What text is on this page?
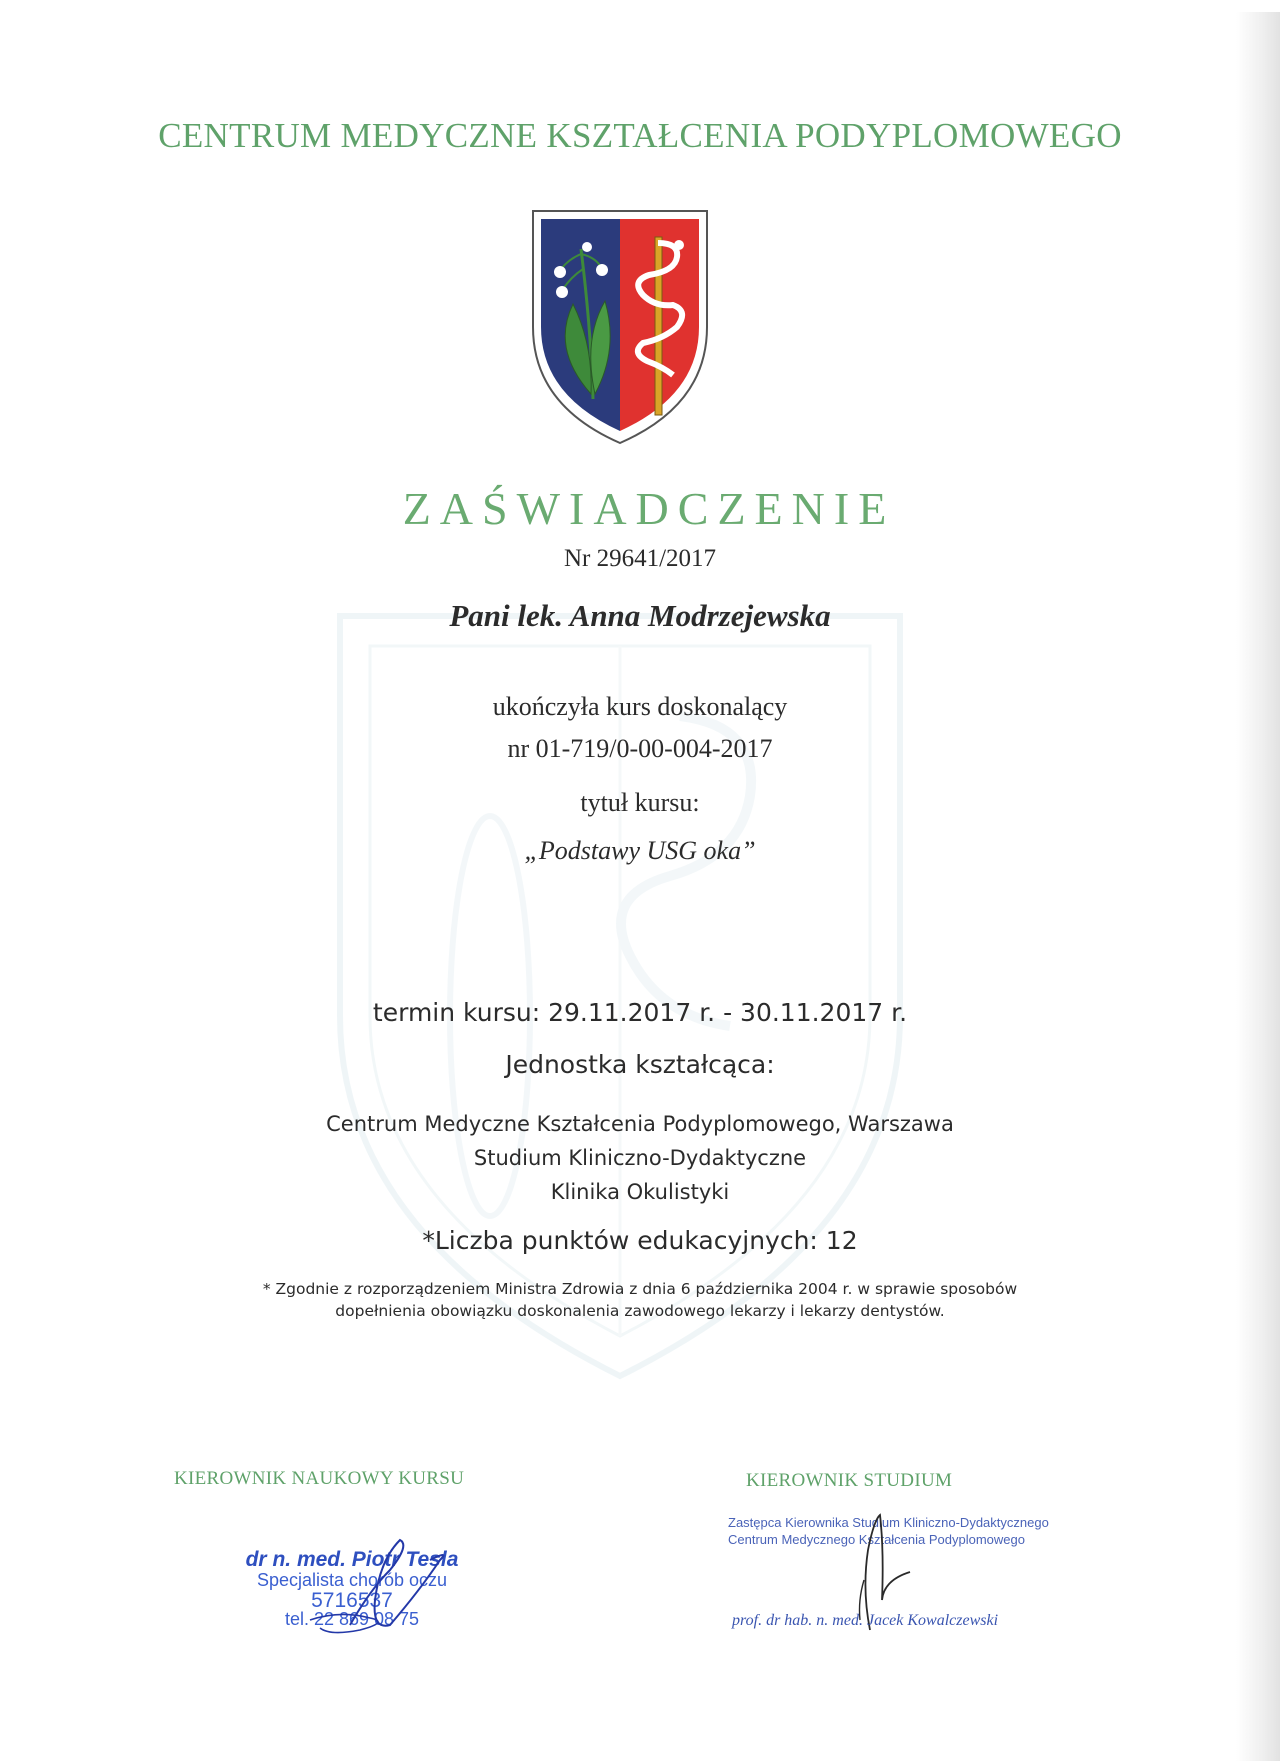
CENTRUM MEDYCZNE KSZTAŁCENIA PODYPLOMOWEGO
ZAŚWIADCZENIE
Nr 29641/2017
Pani lek. Anna Modrzejewska
ukończyła kurs doskonalący
nr 01-719/0-00-004-2017
tytuł kursu:
„Podstawy USG oka”
termin kursu: 29.11.2017 r. - 30.11.2017 r.
Jednostka kształcąca:
Centrum Medyczne Kształcenia Podyplomowego, Warszawa
Studium Kliniczno-Dydaktyczne
Klinika Okulistyki
*Liczba punktów edukacyjnych: 12
* Zgodnie z rozporządzeniem Ministra Zdrowia z dnia 6 października 2004 r. w sprawie sposobów
dopełnienia obowiązku doskonalenia zawodowego lekarzy i lekarzy dentystów.
KIEROWNIK NAUKOWY KURSU	KIEROWNIK STUDIUM
dr n. med. Piotr Tesla
Specjalista chorób oczu
5716537
tel. 22 869 08 75
Zastępca Kierownika Studium Kliniczno-Dydaktycznego
Centrum Medycznego Kształcenia Podyplomowego
prof. dr hab. n. med. Jacek Kowalczewski
